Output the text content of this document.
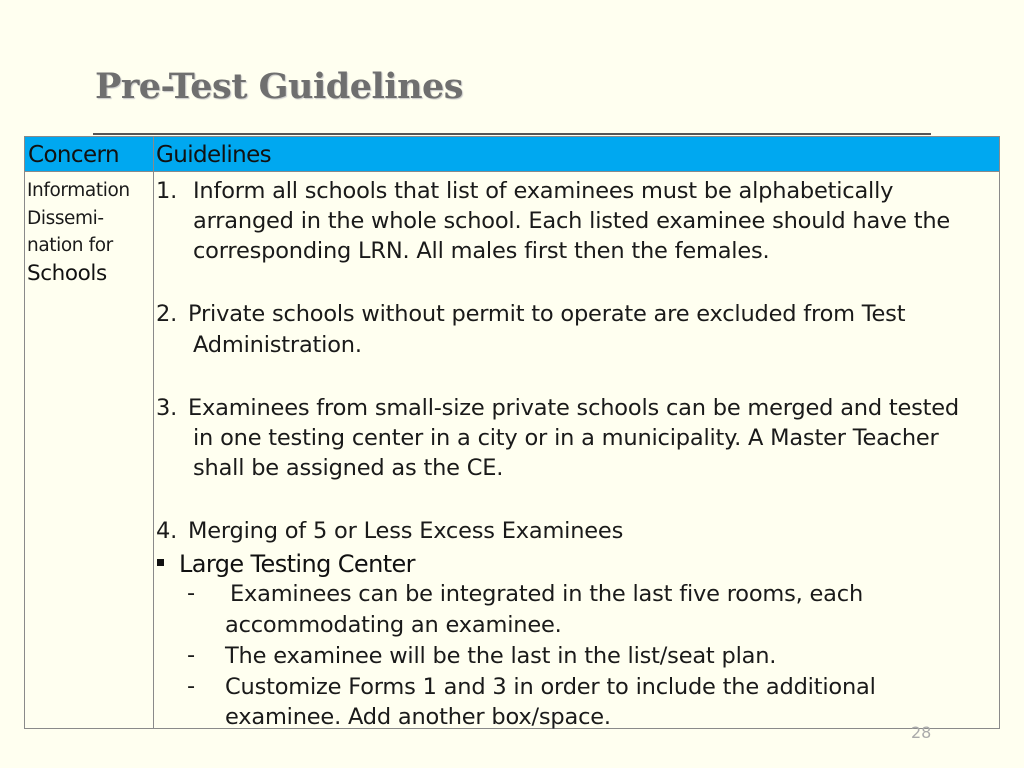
Pre-Test Guidelines
Concern Guidelines
Information
Dissemi-
nation for
Schools
1. Inform all schools that list of examinees must be alphabetically
arranged in the whole school. Each listed examinee should have the
corresponding LRN. All males first then the females.
2. Private schools without permit to operate are excluded from Test
Administration.
3. Examinees from small-size private schools can be merged and tested
in one testing center in a city or in a municipality. A Master Teacher
shall be assigned as the CE.
4. Merging of 5 or Less Excess Examinees
Large Testing Center
- Examinees can be integrated in the last five rooms, each
accommodating an examinee.
- The examinee will be the last in the list/seat plan.
- Customize Forms 1 and 3 in order to include the additional
examinee. Add another box/space.
28
